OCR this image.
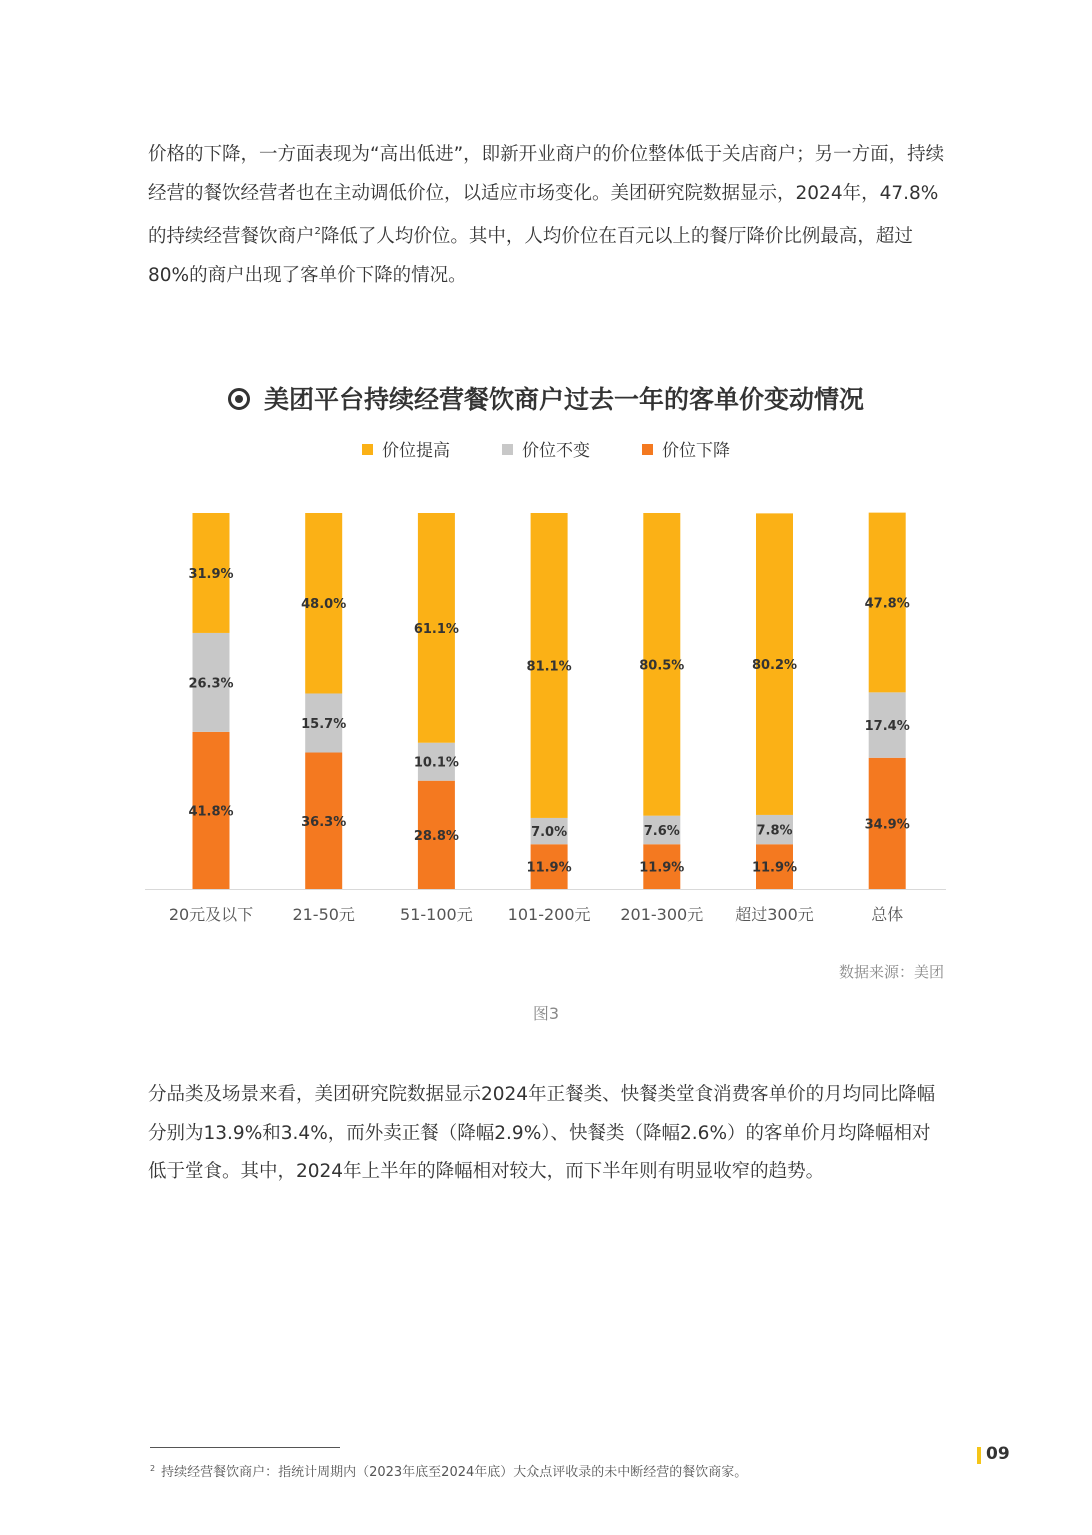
价格的下降，一方面表现为“高出低进”，即新开业商户的价位整体低于关店商户；另一方面，持续经营的餐饮经营者也在主动调低价位，以适应市场变化。美团研究院数据显示，2024年，47.8%的持续经营餐饮商户$^2$降低了人均价位。其中，人均价位在百元以上的餐厅降价比例最高，超过80%的商户出现了客单价下降的情况。

美团平台持续经营餐饮商户过去一年的客单价变动情况
价位提高	价位不变	价位下降
41.8%
26.3%
31.9%
20元及以下
36.3%
15.7%
48.0%
21-50元
28.8%
10.1%
61.1%
51-100元
11.9%
7.0%
81.1%
101-200元
11.9%
7.6%
80.5%
201-300元
11.9%
7.8%
80.2%
超过300元
34.9%
17.4%
47.8%
总体
数据来源：美团
图3

分品类及场景来看，美团研究院数据显示2024年正餐类、快餐类堂食消费客单价的月均同比降幅分别为13.9%和3.4%，而外卖正餐（降幅2.9%）、快餐类（降幅2.6%）的客单价月均降幅相对低于堂食。其中，2024年上半年的降幅相对较大，而下半年则有明显收窄的趋势。

$^2$ 持续经营餐饮商户：指统计周期内（2023年底至2024年底）大众点评收录的未中断经营的餐饮商家。
09
